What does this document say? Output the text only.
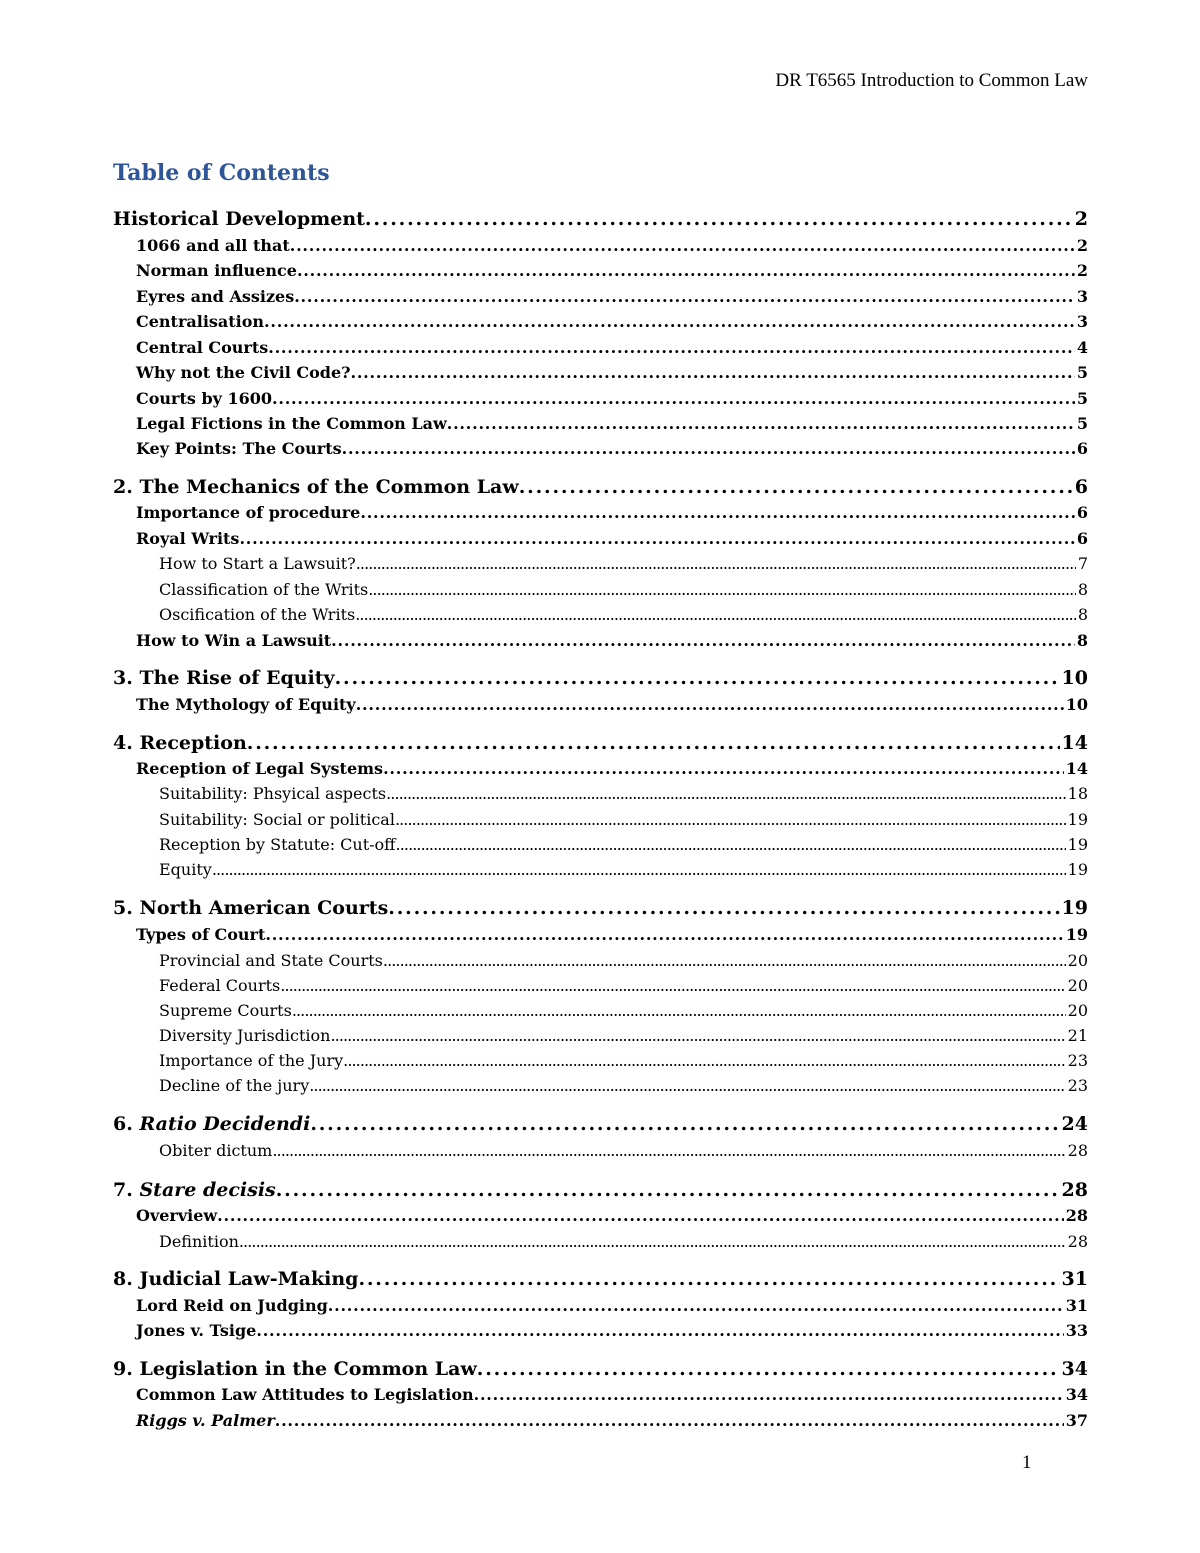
DR T6565 Introduction to Common Law
Table of Contents
Historical Development . . .	2
1066 and all that . . .	2
Norman influence . . .	2
Eyres and Assizes . . .	3
Centralisation . . .	3
Central Courts . . .	4
Why not the Civil Code? . . .	5
Courts by 1600 . . .	5
Legal Fictions in the Common Law . . .	5
Key Points: The Courts . . .	6
2. The Mechanics of the Common Law . . .	6
Importance of procedure . . .	6
Royal Writs . . .	6
How to Start a Lawsuit? . . .	7
Classification of the Writs . . .	8
Oscification of the Writs . . .	8
How to Win a Lawsuit . . .	8
3. The Rise of Equity . . .	10
The Mythology of Equity . . .	10
4. Reception . . .	14
Reception of Legal Systems . . .	14
Suitability: Phsyical aspects . . .	18
Suitability: Social or political . . .	19
Reception by Statute: Cut-off . . .	19
Equity . . .	19
5. North American Courts . . .	19
Types of Court . . .	19
Provincial and State Courts . . .	20
Federal Courts . . .	20
Supreme Courts . . .	20
Diversity Jurisdiction . . .	21
Importance of the Jury . . .	23
Decline of the jury . . .	23
6. Ratio Decidendi . . .	24
Obiter dictum . . .	28
7. Stare decisis . . .	28
Overview . . .	28
Definition . . .	28
8. Judicial Law-Making . . .	31
Lord Reid on Judging . . .	31
Jones v. Tsige . . .	33
9. Legislation in the Common Law . . .	34
Common Law Attitudes to Legislation . . .	34
Riggs v. Palmer . . .	37
1
